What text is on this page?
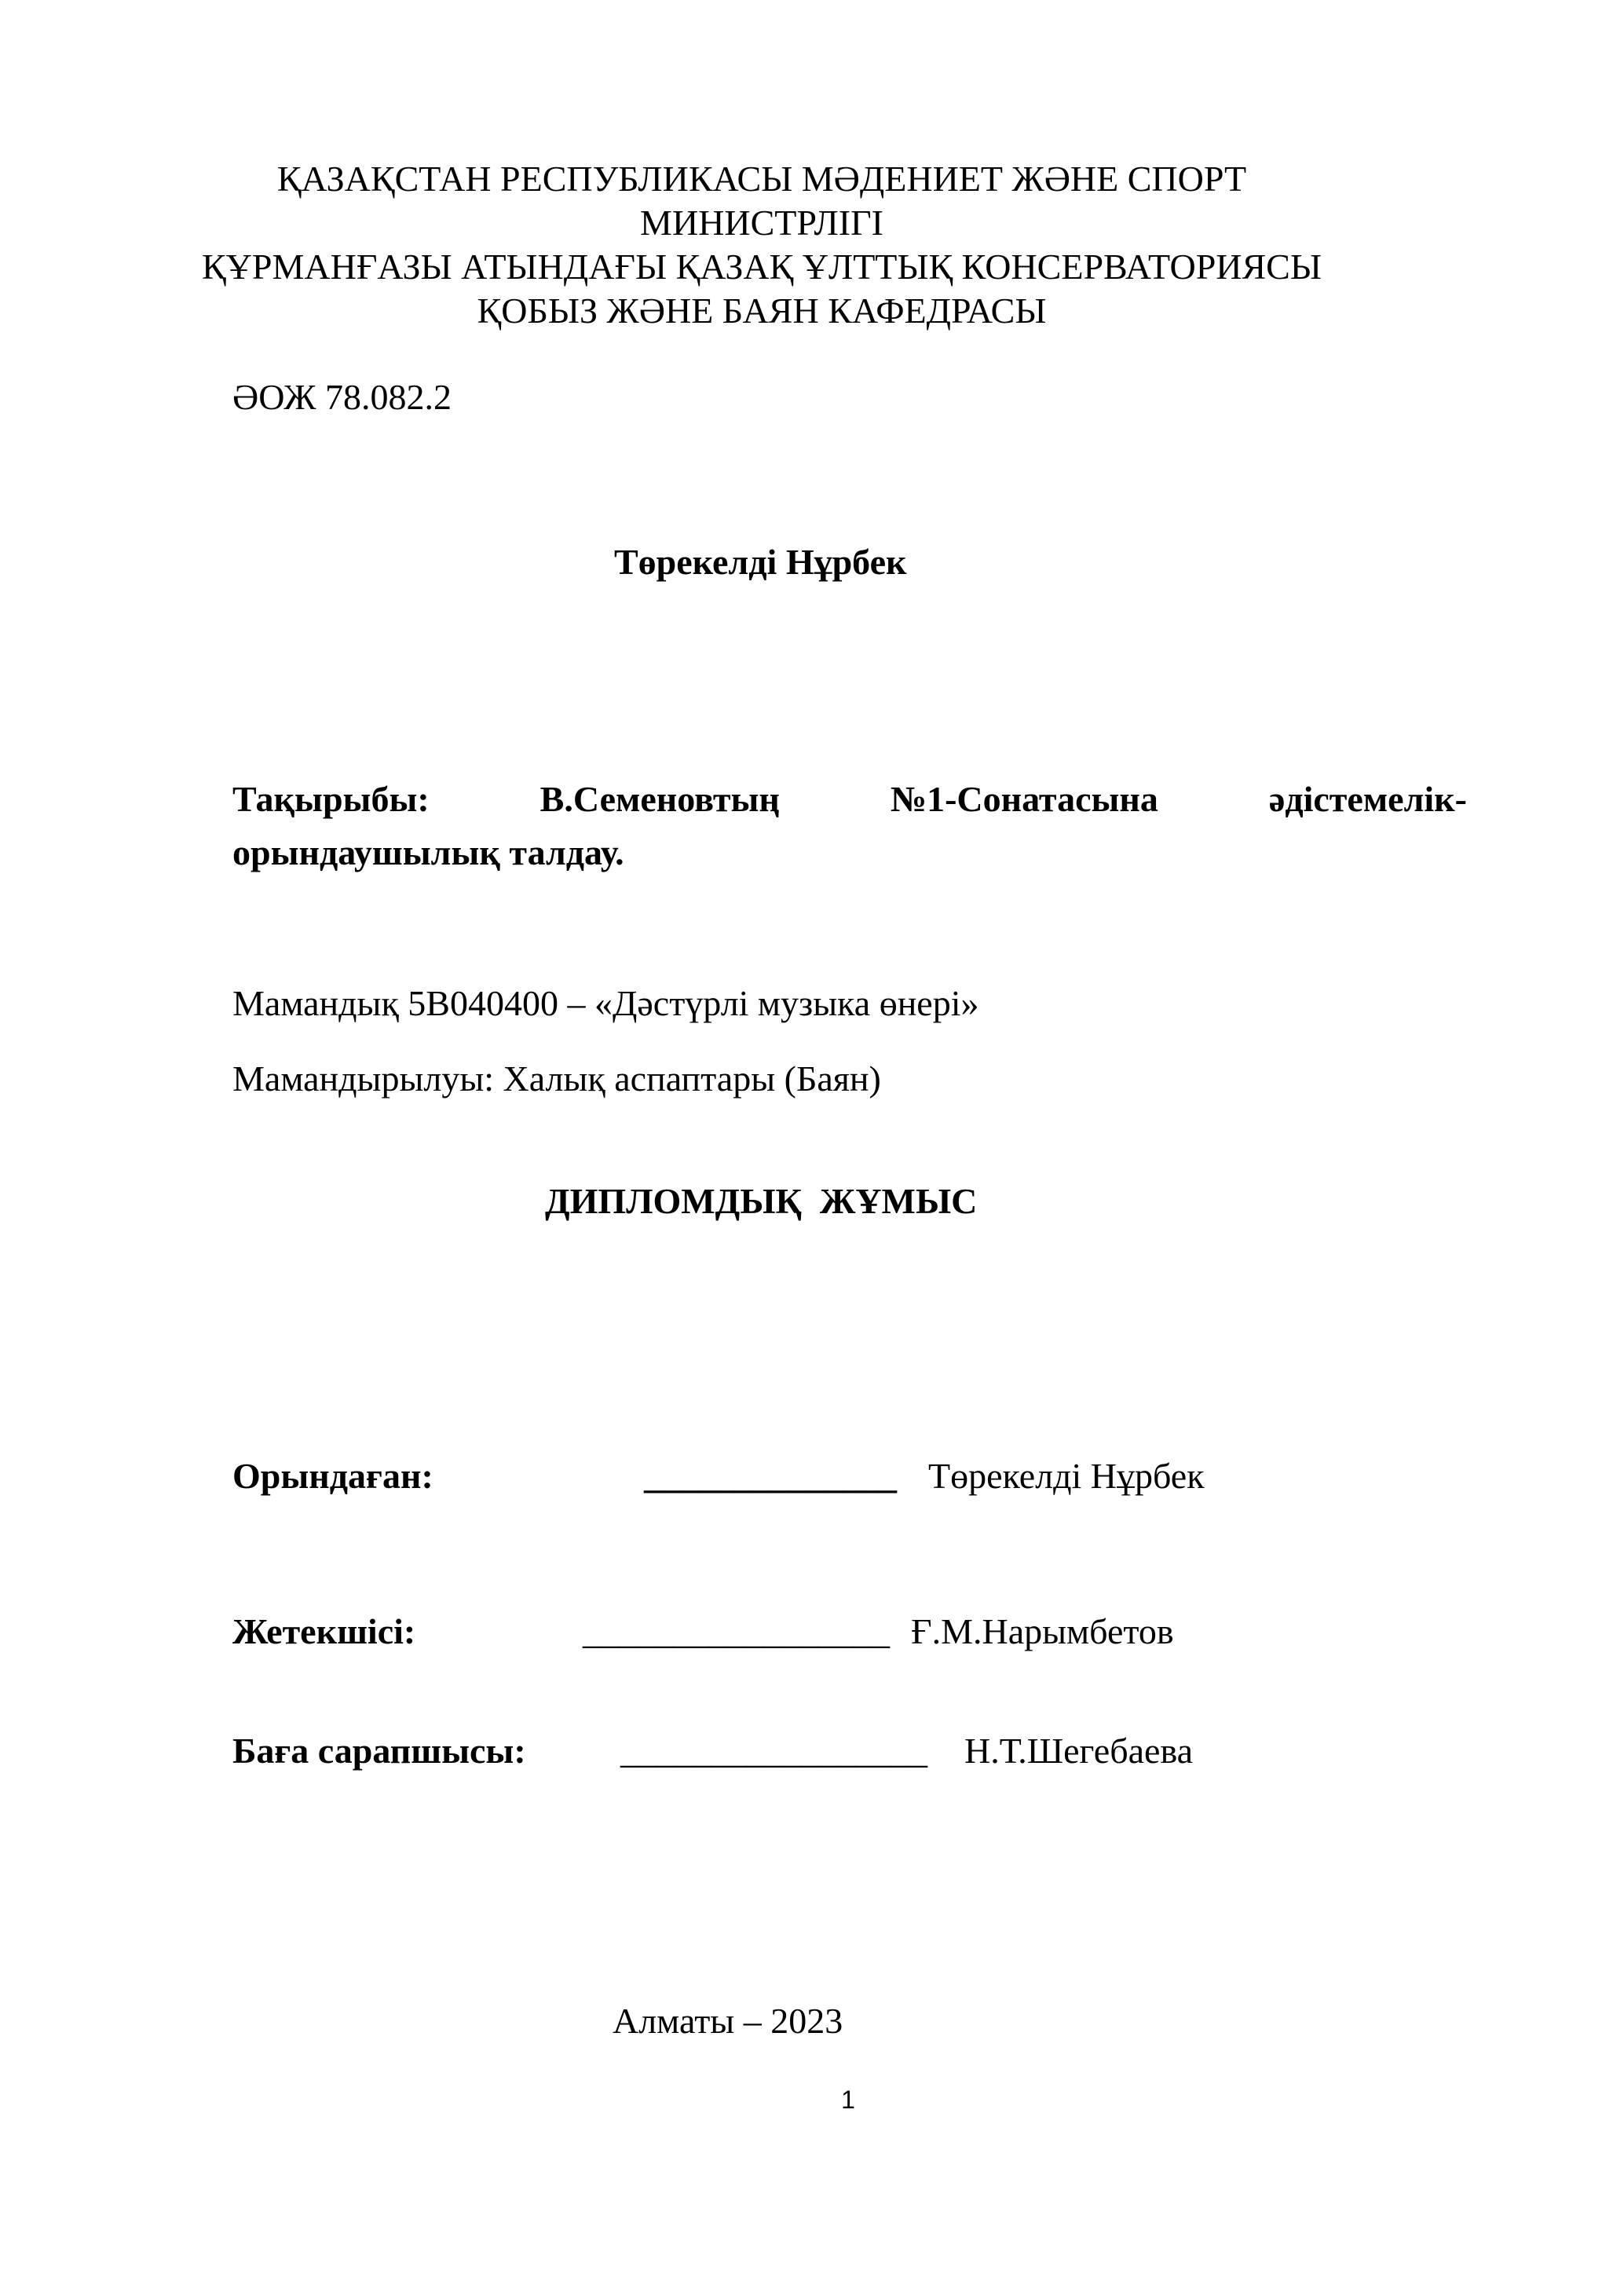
ҚАЗАҚСТАН РЕСПУБЛИКАСЫ МӘДЕНИЕТ ЖӘНЕ СПОРТ
МИНИСТРЛІГІ
ҚҰРМАНҒАЗЫ АТЫНДАҒЫ ҚАЗАҚ ҰЛТТЫҚ КОНСЕРВАТОРИЯСЫ
ҚОБЫЗ ЖӘНЕ БАЯН КАФЕДРАСЫ
ӘОЖ 78.082.2
Төрекелді Нұрбек
Тақырыбы:	В.Семеновтың	№1-Сонатасына	әдістемелік-
орындаушылық талдау.
Мамандық 5В040400 – «Дәстүрлі музыка өнері»
Мамандырылуы: Халық аспаптары (Баян)
ДИПЛОМДЫҚ  ЖҰМЫС
Орындаған:	______________ Төрекелді Нұрбек
Жетекшісі:	_________________ Ғ.М.Нарымбетов
Баға сарапшысы:	_________________ Н.Т.Шегебаева
Алматы – 2023
1
